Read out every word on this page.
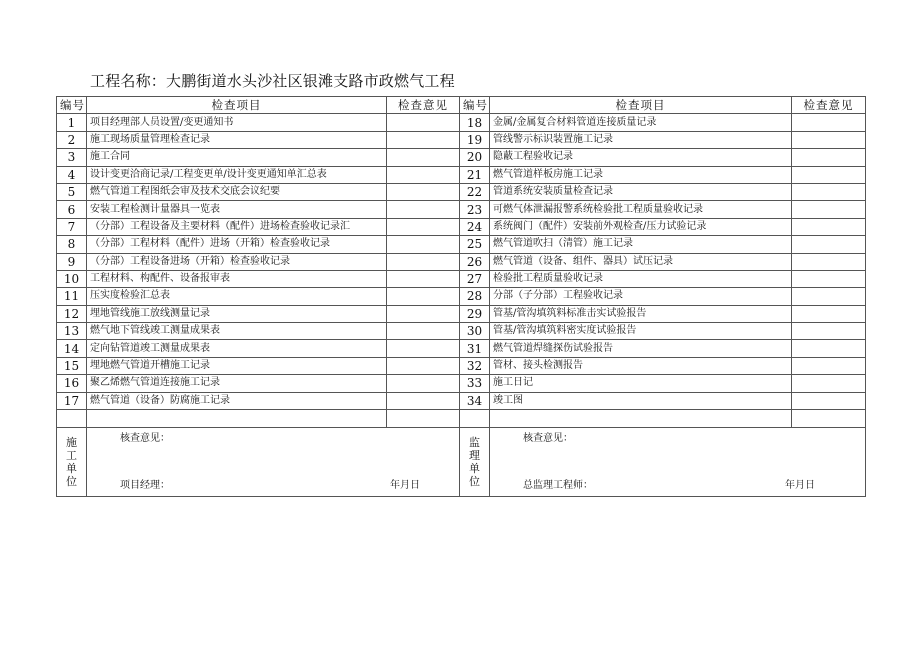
工程名称：大鹏街道水头沙社区银滩支路市政燃气工程
编号	检查项目	检查意见	编号	检查项目	检查意见
1	项目经理部人员设置/变更通知书		18	金属/金属复合材料管道连接质量记录	
2	施工现场质量管理检查记录		19	管线警示标识装置施工记录	
3	施工合同		20	隐蔽工程验收记录	
4	设计变更洽商记录/工程变更单/设计变更通知单汇总表		21	燃气管道样板房施工记录	
5	燃气管道工程图纸会审及技术交底会议纪要		22	管道系统安装质量检查记录	
6	安装工程检测计量器具一览表		23	可燃气体泄漏报警系统检验批工程质量验收记录	
7	（分部）工程设备及主要材料（配件）进场检查验收记录汇		24	系统阀门（配件）安装前外观检查/压力试验记录	
8	（分部）工程材料（配件）进场（开箱）检查验收记录		25	燃气管道吹扫（清管）施工记录	
9	（分部）工程设备进场（开箱）检查验收记录		26	燃气管道（设备、组件、器具）试压记录	
10	工程材料、构配件、设备报审表		27	检验批工程质量验收记录	
11	压实度检验汇总表		28	分部（子分部）工程验收记录	
12	埋地管线施工放线测量记录		29	管基/管沟填筑料标准击实试验报告	
13	燃气地下管线竣工测量成果表		30	管基/管沟填筑料密实度试验报告	
14	定向钻管道竣工测量成果表		31	燃气管道焊缝探伤试验报告	
15	埋地燃气管道开槽施工记录		32	管材、接头检测报告	
16	聚乙烯燃气管道连接施工记录		33	施工日记	
17	燃气管道（设备）防腐施工记录		34	竣工图	

施工单位	核查意见：
项目经理： 年月日		监理单位	核查意见：
总监理工程师： 年月日	
